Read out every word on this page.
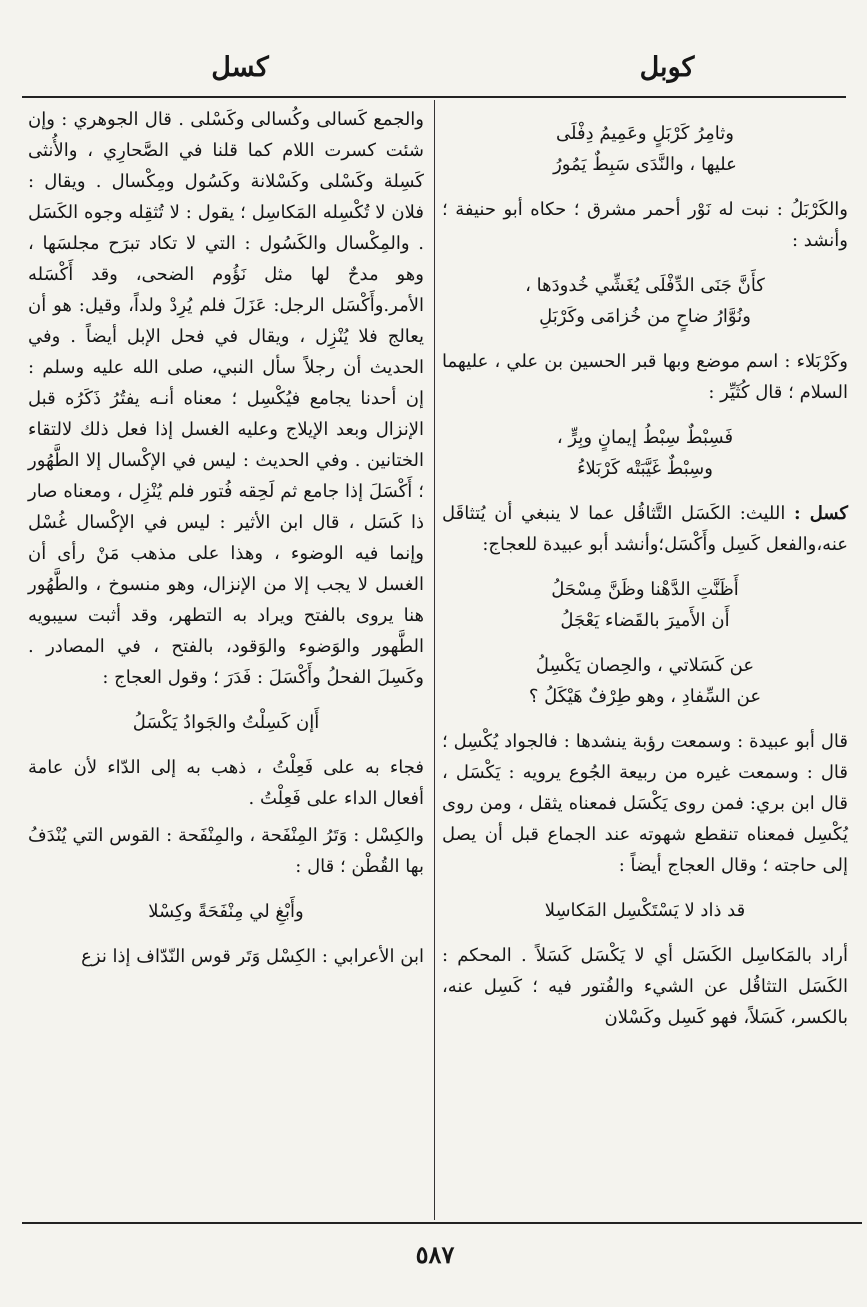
كوبل
كسل
وثامِرُ كَرْبَلٍ وعَمِيمُ دِفْلَى
عليها ، والنَّدَى سَبِطٌ يَمُورُ
والكَرْبَلُ : نبت له نَوْر أحمر مشرق ؛ حكاه أبو حنيفة ؛ وأنشد :
كأَنَّ جَنَى الدِّفْلَى يُغَشِّي خُدودَها ،
ونُوَّارُ ضاحٍ من خُزامَى وكَرْبَلِ
وكَرْبَلاء : اسم موضع وبها قبر الحسين بن علي ، عليهما السلام ؛ قال كُثَيِّر :
فَسِبْطٌ سِبْطُ إيمانٍ وبِرٍّ ،
وسِبْطٌ غَيَّبَتْه كَرْبَلاءُ
كسل : الليث: الكَسَل التَّثاقُل عما لا ينبغي أن يُتثاقَل عنه،والفعل كَسِل وأَكْسَل؛وأنشد أبو عبيدة للعجاج:
أَظَنَّتِ الدَّهْنا وظَنَّ مِسْحَلُ
أَن الأَميرَ بالقَضاء يَعْجَلُ
عن كَسَلاتي ، والحِصان يَكْسِلُ
عن السِّفادِ ، وهو طِرْفٌ هَيْكَلُ ؟
قال أبو عبيدة : وسمعت رؤبة ينشدها : فالجواد يُكْسِل ؛ قال : وسمعت غيره من ربيعة الجُوع يرويه : يَكْسَل ، قال ابن بري: فمن روى يَكْسَل فمعناه يثقل ، ومن روى يُكْسِل فمعناه تنقطع شهوته عند الجماع قبل أن يصل إلى حاجته ؛ وقال العجاج أيضاً :
قد ذاد لا يَسْتَكْسِل المَكاسِلا
أراد بالمَكاسِل الكَسَل أي لا يَكْسَل كَسَلاً . المحكم : الكَسَل التثاقُل عن الشيء والفُتور فيه ؛ كَسِل عنه، بالكسر، كَسَلاً، فهو كَسِل وكَسْلان
والجمع كَسالى وكُسالى وكَسْلى . قال الجوهري : وإن شئت كسرت اللام كما قلنا في الصَّحارِي ، والأُنثى كَسِلة وكَسْلى وكَسْلانة وكَسُول ومِكْسال . ويقال : فلان لا تُكْسِله المَكاسِل ؛ يقول : لا تُثقِله وجوه الكَسَل . والمِكْسال والكَسُول : التي لا تكاد تبرَح مجلسَها ، وهو مدحٌ لها مثل نَؤُوم الضحى، وقد أَكْسَله الأمر.وأَكْسَل الرجل: عَزَلَ فلم يُرِدْ ولداً، وقيل: هو أن يعالج فلا يُنْزِل ، ويقال في فحل الإبل أيضاً . وفي الحديث أن رجلاً سأل النبي، صلى الله عليه وسلم : إن أحدنا يجامع فيُكْسِل ؛ معناه أنـه يفتُرُ ذَكَرُه قبل الإنزال وبعد الإيلاج وعليه الغسل إذا فعل ذلك لالتقاء الختانين . وفي الحديث : ليس في الإكْسال إلا الطَّهُور ؛ أَكْسَلَ إذا جامع ثم لَحِقه فُتور فلم يُنْزِل ، ومعناه صار ذا كَسَل ، قال ابن الأثير : ليس في الإكْسال غُسْل وإنما فيه الوضوء ، وهذا على مذهب مَنْ رأى أن الغسل لا يجب إلا من الإنزال، وهو منسوخ ، والطَّهُور هنا يروى بالفتح ويراد به التطهر، وقد أثبت سيبويه الطَّهور والوَضوء والوَقود، بالفتح ، في المصادر . وكَسِلَ الفحلُ وأَكْسَلَ : فَدَرَ ؛ وقول العجاج :
أَإن كَسِلْتُ والجَوادُ يَكْسَلُ
فجاء به على فَعِلْتُ ، ذهب به إلى الدّاء لأن عامة أفعال الداء على فَعِلْتُ .
والكِسْل : وَتَرُ المِنْفَحة ، والمِنْفَحة : القوس التي يُنْدَفُ بها القُطْن ؛ قال :
وأَبْغِ لي مِنْفَحَةً وكِسْلا
ابن الأعرابي : الكِسْل وَتَر قوس النّدّاف إذا نزع
٥٨٧
